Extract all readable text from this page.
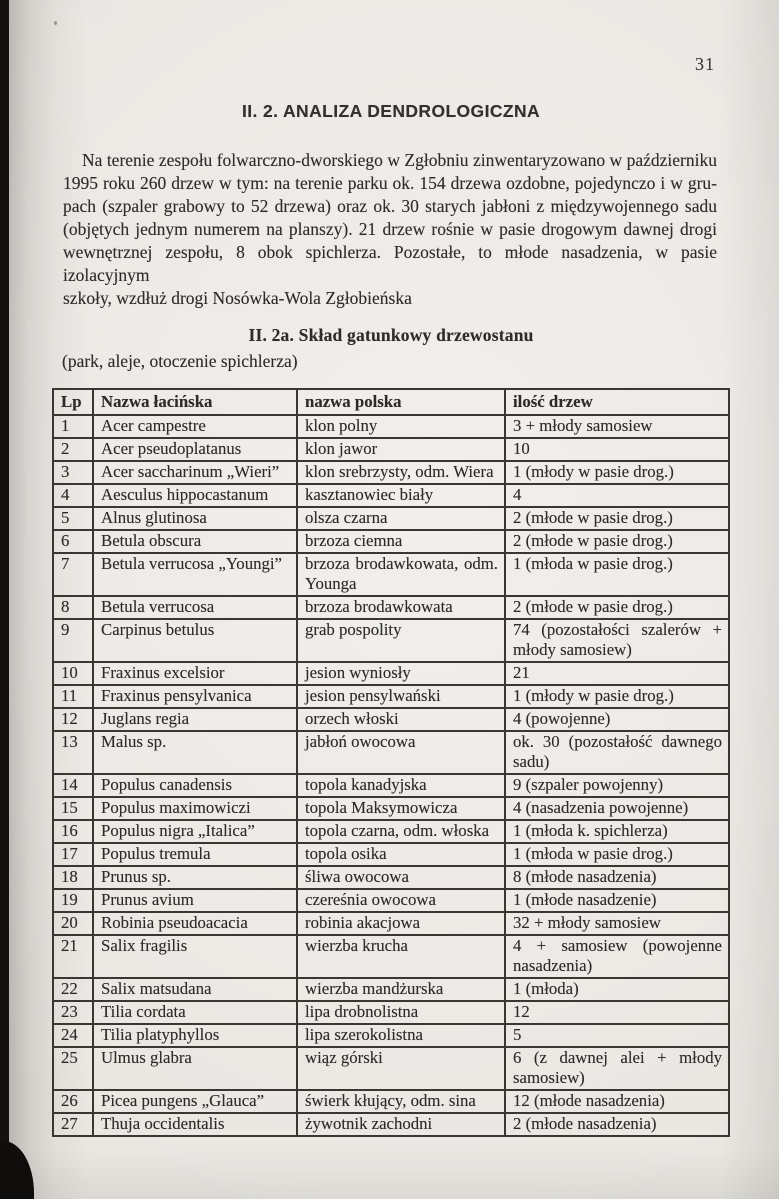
31
II. 2. ANALIZA DENDROLOGICZNA
Na terenie zespołu folwarczno-dworskiego w Zgłobniu zinwentaryzowano w październiku
1995 roku 260 drzew w tym: na terenie parku ok. 154 drzewa ozdobne, pojedynczo i w gru-
pach (szpaler grabowy to 52 drzewa) oraz ok. 30 starych jabłoni z międzywojennego sadu
(objętych jednym numerem na planszy). 21 drzew rośnie w pasie drogowym dawnej drogi
wewnętrznej zespołu, 8 obok spichlerza. Pozostałe, to młode nasadzenia, w pasie izolacyjnym
szkoły, wzdłuż drogi Nosówka-Wola Zgłobieńska
II. 2a. Skład gatunkowy drzewostanu
(park, aleje, otoczenie spichlerza)
Lp	Nazwa łacińska	nazwa polska	ilość drzew
1	Acer campestre	klon polny	3 + młody samosiew
2	Acer pseudoplatanus	klon jawor	10
3	Acer saccharinum „Wieri”	klon srebrzysty, odm. Wiera	1 (młody w pasie drog.)
4	Aesculus hippocastanum	kasztanowiec biały	4
5	Alnus glutinosa	olsza czarna	2 (młode w pasie drog.)
6	Betula obscura	brzoza ciemna	2 (młode w pasie drog.)
7	Betula verrucosa „Youngi”	brzoza brodawkowata, odm. Younga	1 (młoda w pasie drog.)
8	Betula verrucosa	brzoza brodawkowata	2 (młode w pasie drog.)
9	Carpinus betulus	grab pospolity	74 (pozostałości szalerów + młody samosiew)
10	Fraxinus excelsior	jesion wyniosły	21
11	Fraxinus pensylvanica	jesion pensylwański	1 (młody w pasie drog.)
12	Juglans regia	orzech włoski	4 (powojenne)
13	Malus sp.	jabłoń owocowa	ok. 30 (pozostałość dawnego sadu)
14	Populus canadensis	topola kanadyjska	9 (szpaler powojenny)
15	Populus maximowiczi	topola Maksymowicza	4 (nasadzenia powojenne)
16	Populus nigra „Italica”	topola czarna, odm. włoska	1 (młoda k. spichlerza)
17	Populus tremula	topola osika	1 (młoda w pasie drog.)
18	Prunus sp.	śliwa owocowa	8 (młode nasadzenia)
19	Prunus avium	czereśnia owocowa	1 (młode nasadzenie)
20	Robinia pseudoacacia	robinia akacjowa	32 + młody samosiew
21	Salix fragilis	wierzba krucha	4 + samosiew (powojenne nasadzenia)
22	Salix matsudana	wierzba mandżurska	1 (młoda)
23	Tilia cordata	lipa drobnolistna	12
24	Tilia platyphyllos	lipa szerokolistna	5
25	Ulmus glabra	wiąz górski	6 (z dawnej alei + młody samosiew)
26	Picea pungens „Glauca”	świerk kłujący, odm. sina	12 (młode nasadzenia)
27	Thuja occidentalis	żywotnik zachodni	2 (młode nasadzenia)
